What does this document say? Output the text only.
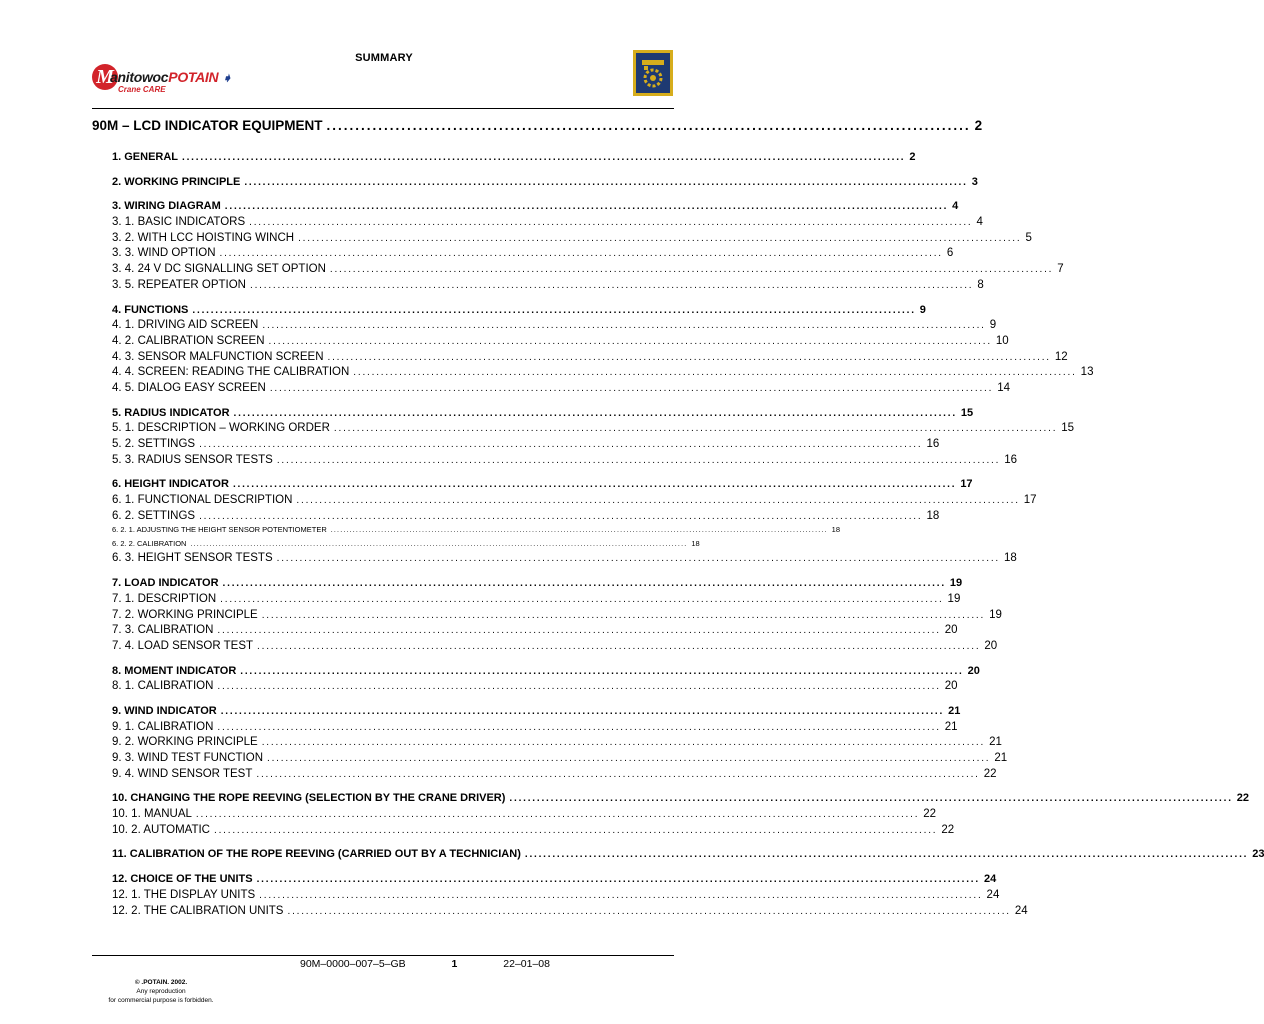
SUMMARY
M
anitowocPOTAIN ➧
Crane CARE
90M – LCD INDICATOR EQUIPMENT ................................................................................................................ 2
1. GENERAL .............................................................................................................................................................. 2
2. WORKING PRINCIPLE .............................................................................................................................................................. 3
3. WIRING DIAGRAM .............................................................................................................................................................. 4
3. 1. BASIC INDICATORS .............................................................................................................................................................. 4
3. 2. WITH LCC HOISTING WINCH .............................................................................................................................................................. 5
3. 3. WIND OPTION .............................................................................................................................................................. 6
3. 4. 24 V DC SIGNALLING SET OPTION .............................................................................................................................................................. 7
3. 5. REPEATER OPTION .............................................................................................................................................................. 8
4. FUNCTIONS .............................................................................................................................................................. 9
4. 1. DRIVING AID SCREEN .............................................................................................................................................................. 9
4. 2. CALIBRATION SCREEN .............................................................................................................................................................. 10
4. 3. SENSOR MALFUNCTION SCREEN .............................................................................................................................................................. 12
4. 4. SCREEN: READING THE CALIBRATION .............................................................................................................................................................. 13
4. 5. DIALOG EASY SCREEN .............................................................................................................................................................. 14
5. RADIUS INDICATOR .............................................................................................................................................................. 15
5. 1. DESCRIPTION – WORKING ORDER .............................................................................................................................................................. 15
5. 2. SETTINGS .............................................................................................................................................................. 16
5. 3. RADIUS SENSOR TESTS .............................................................................................................................................................. 16
6. HEIGHT INDICATOR .............................................................................................................................................................. 17
6. 1. FUNCTIONAL DESCRIPTION .............................................................................................................................................................. 17
6. 2. SETTINGS .............................................................................................................................................................. 18
6. 2. 1. ADJUSTING THE HEIGHT SENSOR POTENTIOMETER .............................................................................................................................................................. 18
6. 2. 2. CALIBRATION .............................................................................................................................................................. 18
6. 3. HEIGHT SENSOR TESTS .............................................................................................................................................................. 18
7. LOAD INDICATOR .............................................................................................................................................................. 19
7. 1. DESCRIPTION .............................................................................................................................................................. 19
7. 2. WORKING PRINCIPLE .............................................................................................................................................................. 19
7. 3. CALIBRATION .............................................................................................................................................................. 20
7. 4. LOAD SENSOR TEST .............................................................................................................................................................. 20
8. MOMENT INDICATOR .............................................................................................................................................................. 20
8. 1. CALIBRATION .............................................................................................................................................................. 20
9. WIND INDICATOR .............................................................................................................................................................. 21
9. 1. CALIBRATION .............................................................................................................................................................. 21
9. 2. WORKING PRINCIPLE .............................................................................................................................................................. 21
9. 3. WIND TEST FUNCTION .............................................................................................................................................................. 21
9. 4. WIND SENSOR TEST .............................................................................................................................................................. 22
10. CHANGING THE ROPE REEVING (SELECTION BY THE CRANE DRIVER) .............................................................................................................................................................. 22
10. 1. MANUAL .............................................................................................................................................................. 22
10. 2. AUTOMATIC .............................................................................................................................................................. 22
11. CALIBRATION OF THE ROPE REEVING (CARRIED OUT BY A TECHNICIAN) .............................................................................................................................................................. 23
12. CHOICE OF THE UNITS .............................................................................................................................................................. 24
12. 1. THE DISPLAY UNITS .............................................................................................................................................................. 24
12. 2. THE CALIBRATION UNITS .............................................................................................................................................................. 24
90M–0000–007–5–GB	1	22–01–08
© .POTAIN. 2002.
Any reproduction
for commercial purpose is forbidden.
